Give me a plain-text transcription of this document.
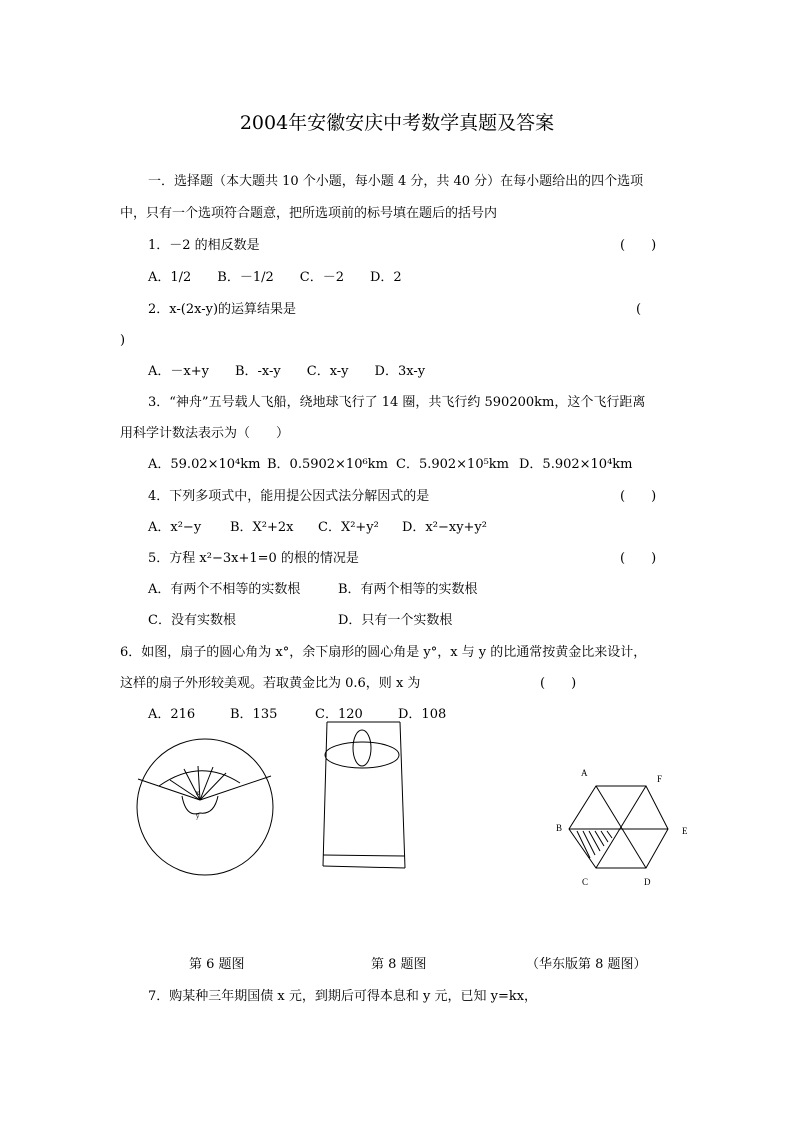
2004年安徽安庆中考数学真题及答案
一．选择题（本大题共 10 个小题，每小题 4 分，共 40 分）在每小题给出的四个选项
中，只有一个选项符合题意，把所选项前的标号填在题后的括号内
1．－2 的相反数是	(　　)
A．1/2　　B．－1/2　　C．－2　　D．2
2．x-(2x-y)的运算结果是	(
)
A．－x+y　　B．-x-y　　C．x-y　　D．3x-y
3．“神舟”五号载人飞船，绕地球飞行了 14 圈，共飞行约 590200km，这个飞行距离
用科学计数法表示为（　　）
A．59.02×10⁴km B．0.5902×10⁶km C．5.902×10⁵km D．5.902×10⁴km
4．下列多项式中，能用提公因式法分解因式的是	(　　)
A．x²−y B．X²+2x C．X²+y² D．x²−xy+y²
5．方程 x²−3x+1=0 的根的情况是	(　　)
A．有两个不相等的实数根	B．有两个相等的实数根
C．没有实数根	D．只有一个实数根
6．如图，扇子的圆心角为 x°，余下扇形的圆心角是 y°，x 与 y 的比通常按黄金比来设计，
这样的扇子外形较美观。若取黄金比为 0.6，则 x 为	(　　)
A．216	B．135	C．120	D．108
x
y
A
F
B	E
C	D
第 6 题图	第 8 题图	（华东版第 8 题图）
7．购某种三年期国债 x 元，到期后可得本息和 y 元，已知 y=kx，
